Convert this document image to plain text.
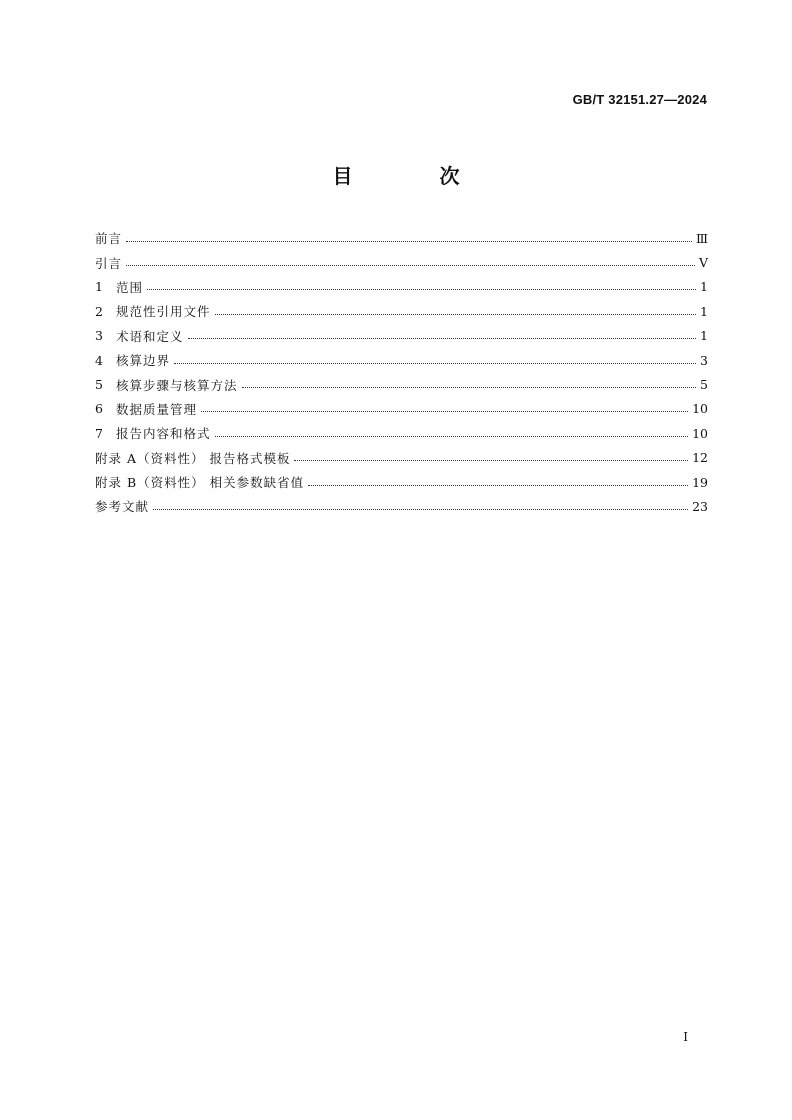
GB/T 32151.27—2024
目 次
前言	Ⅲ
引言	Ⅴ
1	范围	1
2	规范性引用文件	1
3	术语和定义	1
4	核算边界	3
5	核算步骤与核算方法	5
6	数据质量管理	10
7	报告内容和格式	10
附录 A（资料性） 报告格式模板	12
附录 B（资料性） 相关参数缺省值	19
参考文献	23
I
